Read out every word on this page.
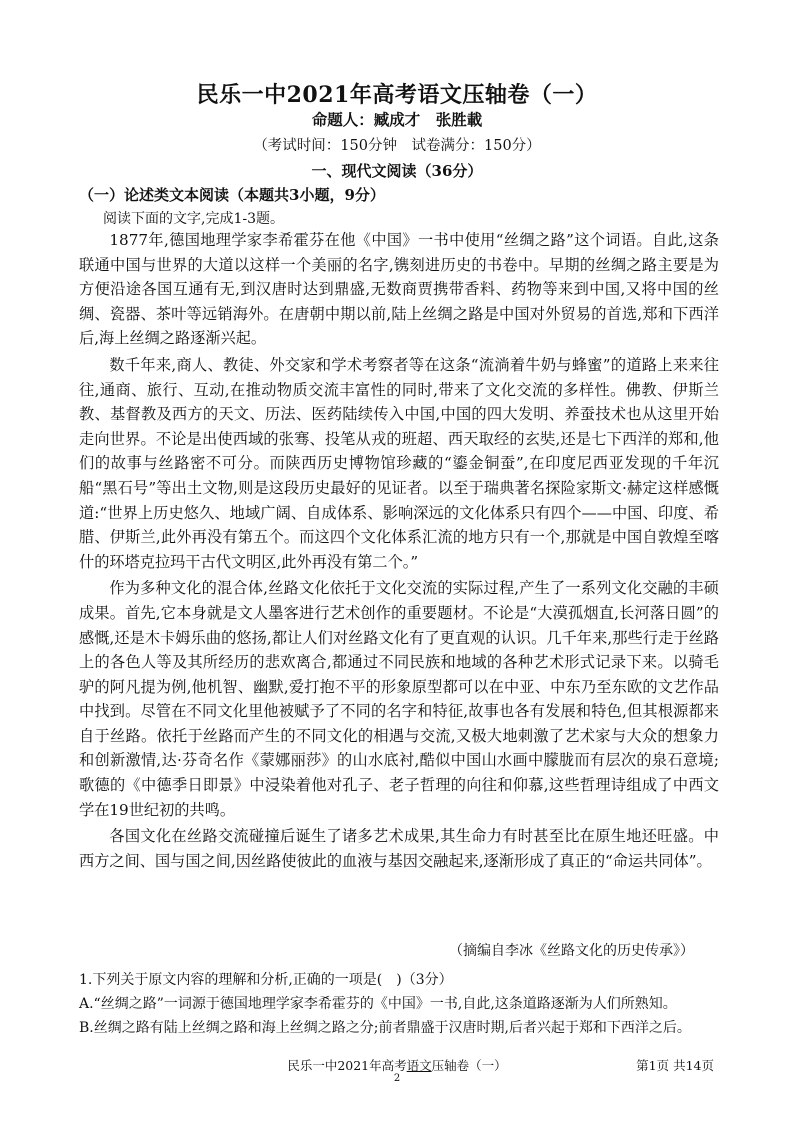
民乐一中2021年高考语文压轴卷（一）
命题人：臧成才　张胜載
（考试时间：150分钟　试卷满分：150分）
一、现代文阅读（36分）
（一）论述类文本阅读（本题共3小题，9分）
阅读下面的文字,完成1-3题。

1877年,德国地理学家李希霍芬在他《中国》一书中使用“丝绸之路”这个词语。自此,这条联通中国与世界的大道以这样一个美丽的名字,镌刻进历史的书卷中。早期的丝绸之路主要是为方便沿途各国互通有无,到汉唐时达到鼎盛,无数商贾携带香料、药物等来到中国,又将中国的丝绸、瓷器、茶叶等远销海外。在唐朝中期以前,陆上丝绸之路是中国对外贸易的首选,郑和下西洋后,海上丝绸之路逐渐兴起。

数千年来,商人、教徒、外交家和学术考察者等在这条“流淌着牛奶与蜂蜜”的道路上来来往往,通商、旅行、互动,在推动物质交流丰富性的同时,带来了文化交流的多样性。佛教、伊斯兰教、基督教及西方的天文、历法、医药陆续传入中国,中国的四大发明、养蚕技术也从这里开始走向世界。不论是出使西域的张骞、投笔从戎的班超、西天取经的玄奘,还是七下西洋的郑和,他们的故事与丝路密不可分。而陕西历史博物馆珍藏的“鎏金铜蚕”,在印度尼西亚发现的千年沉船“黑石号”等出土文物,则是这段历史最好的见证者。以至于瑞典著名探险家斯文·赫定这样感慨道:“世界上历史悠久、地域广阔、自成体系、影响深远的文化体系只有四个——中国、印度、希腊、伊斯兰,此外再没有第五个。而这四个文化体系汇流的地方只有一个,那就是中国自敦煌至喀什的环塔克拉玛干古代文明区,此外再没有第二个。”

作为多种文化的混合体,丝路文化依托于文化交流的实际过程,产生了一系列文化交融的丰硕成果。首先,它本身就是文人墨客进行艺术创作的重要题材。不论是“大漠孤烟直,长河落日圆”的感慨,还是木卡姆乐曲的悠扬,都让人们对丝路文化有了更直观的认识。几千年来,那些行走于丝路上的各色人等及其所经历的悲欢离合,都通过不同民族和地域的各种艺术形式记录下来。以骑毛驴的阿凡提为例,他机智、幽默,爱打抱不平的形象原型都可以在中亚、中东乃至东欧的文艺作品中找到。尽管在不同文化里他被赋予了不同的名字和特征,故事也各有发展和特色,但其根源都来自于丝路。依托于丝路而产生的不同文化的相遇与交流,又极大地刺激了艺术家与大众的想象力和创新激情,达·芬奇名作《蒙娜丽莎》的山水底衬,酷似中国山水画中朦胧而有层次的泉石意境;歌德的《中德季日即景》中浸染着他对孔子、老子哲理的向往和仰慕,这些哲理诗组成了中西文学在19世纪初的共鸣。

各国文化在丝路交流碰撞后诞生了诸多艺术成果,其生命力有时甚至比在原生地还旺盛。中西方之间、国与国之间,因丝路使彼此的血液与基因交融起来,逐渐形成了真正的“命运共同体”。

（摘编自李冰《丝路文化的历史传承》）
1.下列关于原文内容的理解和分析,正确的一项是(　)（3分）
A.“丝绸之路”一词源于德国地理学家李希霍芬的《中国》一书,自此,这条道路逐渐为人们所熟知。
B.丝绸之路有陆上丝绸之路和海上丝绸之路之分;前者鼎盛于汉唐时期,后者兴起于郑和下西洋之后。
民乐一中2021年高考语文压轴卷（一）	第1页 共14页
2
